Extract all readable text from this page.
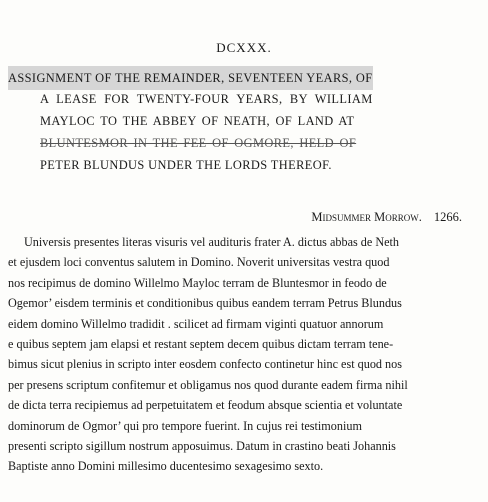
DCXXX.
ASSIGNMENT OF THE REMAINDER, SEVENTEEN YEARS, OF
A LEASE FOR TWENTY-FOUR YEARS, BY WILLIAM
MAYLOC TO THE ABBEY OF NEATH, OF LAND AT
BLUNTESMOR IN THE FEE OF OGMORE, HELD OF
PETER BLUNDUS UNDER THE LORDS THEREOF.
Midsummer Morrow. 1266.
Universis presentes literas visuris vel audituris frater A. dictus abbas de Neth
et ejusdem loci conventus salutem in Domino. Noverit universitas vestra quod
nos recipimus de domino Willelmo Mayloc terram de Bluntesmor in feodo de
Ogemor’ eisdem terminis et conditionibus quibus eandem terram Petrus Blundus
eidem domino Willelmo tradidit . scilicet ad firmam viginti quatuor annorum
e quibus septem jam elapsi et restant septem decem quibus dictam terram tene-
bimus sicut plenius in scripto inter eosdem confecto continetur hinc est quod nos
per presens scriptum confitemur et obligamus nos quod durante eadem firma nihil
de dicta terra recipiemus ad perpetuitatem et feodum absque scientia et voluntate
dominorum de Ogmor’ qui pro tempore fuerint. In cujus rei testimonium
presenti scripto sigillum nostrum apposuimus. Datum in crastino beati Johannis
Baptiste anno Domini millesimo ducentesimo sexagesimo sexto.
